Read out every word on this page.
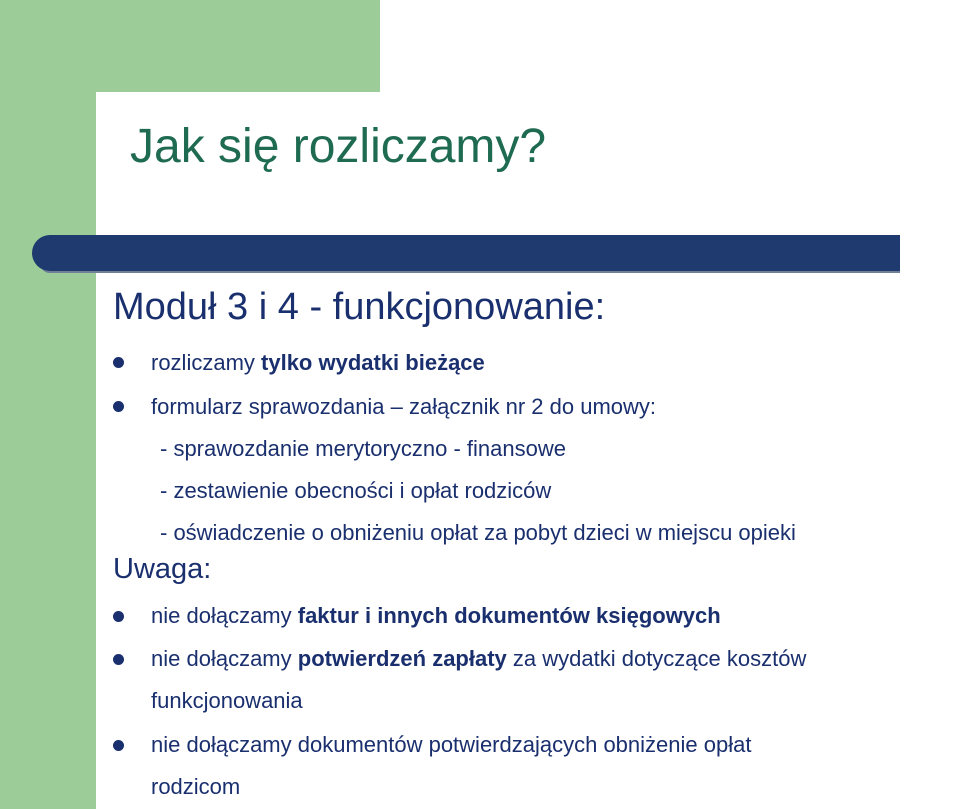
Jak się rozliczamy?
Moduł 3 i 4 - funkcjonowanie:
rozliczamy tylko wydatki bieżące
formularz sprawozdania – załącznik nr 2 do umowy:
- sprawozdanie merytoryczno - finansowe
- zestawienie obecności i opłat rodziców
- oświadczenie o obniżeniu opłat za pobyt dzieci w miejscu opieki
Uwaga:
nie dołączamy faktur i innych dokumentów księgowych
nie dołączamy potwierdzeń zapłaty za wydatki dotyczące kosztów
funkcjonowania
nie dołączamy dokumentów potwierdzających obniżenie opłat
rodzicom
